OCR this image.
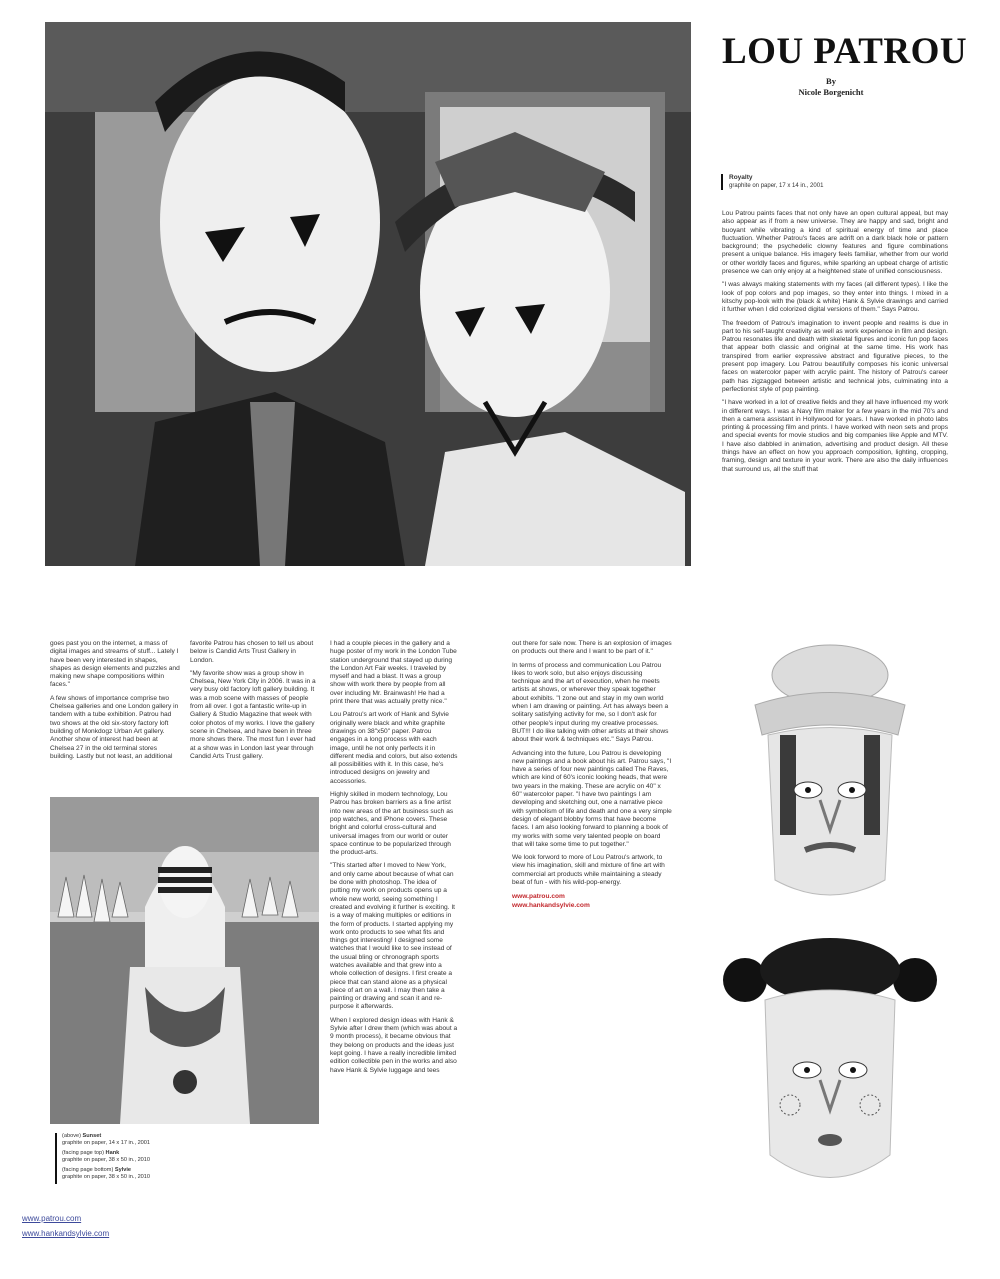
LOU PATROU
By
Nicole Borgenicht
Royalty
graphite on paper, 17 x 14 in., 2001

Lou Patrou paints faces that not only have an open cultural appeal, but may also appear as if from a new universe. They are happy and sad, bright and buoyant while vibrating a kind of spiritual energy of time and place fluctuation. Whether Patrou's faces are adrift on a dark black hole or pattern background; the psychedelic clowny features and figure combinations present a unique balance. His imagery feels familiar, whether from our world or other worldly faces and figures, while sparking an upbeat charge of artistic presence we can only enjoy at a heightened state of unified consciousness.

"I was always making statements with my faces (all different types). I like the look of pop colors and pop images, so they enter into things. I mixed in a kitschy pop-look with the (black & white) Hank & Sylvie drawings and carried it further when I did colorized digital versions of them." Says Patrou.

The freedom of Patrou's imagination to invent people and realms is due in part to his self-taught creativity as well as work experience in film and design. Patrou resonates life and death with skeletal figures and iconic fun pop faces that appear both classic and original at the same time. His work has transpired from earlier expressive abstract and figurative pieces, to the present pop imagery. Lou Patrou beautifully composes his iconic universal faces on watercolor paper with acrylic paint. The history of Patrou's career path has zigzagged between artistic and technical jobs, culminating into a perfectionist style of pop painting.

"I have worked in a lot of creative fields and they all have influenced my work in different ways. I was a Navy film maker for a few years in the mid 70's and then a camera assistant in Hollywood for years. I have worked in photo labs printing & processing film and prints. I have worked with neon sets and props and special events for movie studios and big companies like Apple and MTV. I have also dabbled in animation, advertising and product design. All these things have an effect on how you approach composition, lighting, cropping, framing, design and texture in your work. There are also the daily influences that surround us, all the stuff that

goes past you on the internet, a mass of digital images and streams of stuff... Lately I have been very interested in shapes, shapes as design elements and puzzles and making new shape compositions within faces."

A few shows of importance comprise two Chelsea galleries and one London gallery in tandem with a tube exhibition. Patrou had two shows at the old six-story factory loft building of Monkdogz Urban Art gallery. Another show of interest had been at Chelsea 27 in the old terminal stores building. Lastly but not least, an additional

favorite Patrou has chosen to tell us about below is Candid Arts Trust Gallery in London.

"My favorite show was a group show in Chelsea, New York City in 2006. It was in a very busy old factory loft gallery building. It was a mob scene with masses of people from all over. I got a fantastic write-up in Gallery & Studio Magazine that week with color photos of my works. I love the gallery scene in Chelsea, and have been in three more shows there. The most fun I ever had at a show was in London last year through Candid Arts Trust gallery.

(above) Sunset
graphite on paper, 14 x 17 in., 2001

(facing page top) Hank
graphite on paper, 38 x 50 in., 2010

(facing page bottom) Sylvie
graphite on paper, 38 x 50 in., 2010

I had a couple pieces in the gallery and a huge poster of my work in the London Tube station underground that stayed up during the London Art Fair weeks. I traveled by myself and had a blast. It was a group show with work there by people from all over including Mr. Brainwash! He had a print there that was actually pretty nice."

Lou Patrou's art work of Hank and Sylvie originally were black and white graphite drawings on 38"x50" paper. Patrou engages in a long process with each image, until he not only perfects it in different media and colors, but also extends all possibilities with it. In this case, he's introduced designs on jewelry and accessories.

Highly skilled in modern technology, Lou Patrou has broken barriers as a fine artist into new areas of the art business such as pop watches, and iPhone covers. These bright and colorful cross-cultural and universal images from our world or outer space continue to be popularized through the product-arts.

"This started after I moved to New York, and only came about because of what can be done with photoshop. The idea of putting my work on products opens up a whole new world, seeing something I created and evolving it further is exciting. It is a way of making multiples or editions in the form of products. I started applying my work onto products to see what fits and things got interesting! I designed some watches that I would like to see instead of the usual bling or chronograph sports watches available and that grew into a whole collection of designs. I first create a piece that can stand alone as a physical piece of art on a wall. I may then take a painting or drawing and scan it and re-purpose it afterwards.

When I explored design ideas with Hank & Sylvie after I drew them (which was about a 9 month process), it became obvious that they belong on products and the ideas just kept going. I have a really incredible limited edition collectible pen in the works and also have Hank & Sylvie luggage and tees

out there for sale now. There is an explosion of images on products out there and I want to be part of it."

In terms of process and communication Lou Patrou likes to work solo, but also enjoys discussing technique and the art of execution, when he meets artists at shows, or wherever they speak together about exhibits. "I zone out and stay in my own world when I am drawing or painting. Art has always been a solitary satisfying activity for me, so I don't ask for other people's input during my creative processes. BUT!!! I do like talking with other artists at their shows about their work & techniques etc." Says Patrou.

Advancing into the future, Lou Patrou is developing new paintings and a book about his art. Patrou says, "I have a series of four new paintings called The Raves, which are kind of 60's iconic looking heads, that were two years in the making. These are acrylic on 40" x 60" watercolor paper. "I have two paintings I am developing and sketching out, one a narrative piece with symbolism of life and death and one a very simple design of elegant blobby forms that have become faces. I am also looking forward to planning a book of my works with some very talented people on board that will take some time to put together."

We look forword to more of Lou Patrou's artwork, to view his imagination, skill and mixture of fine art with commercial art products while maintaining a steady beat of fun - with his wild-pop-energy.

www.patrou.com
www.hankandsylvie.com
www.patrou.com
www.hankandsylvie.com
